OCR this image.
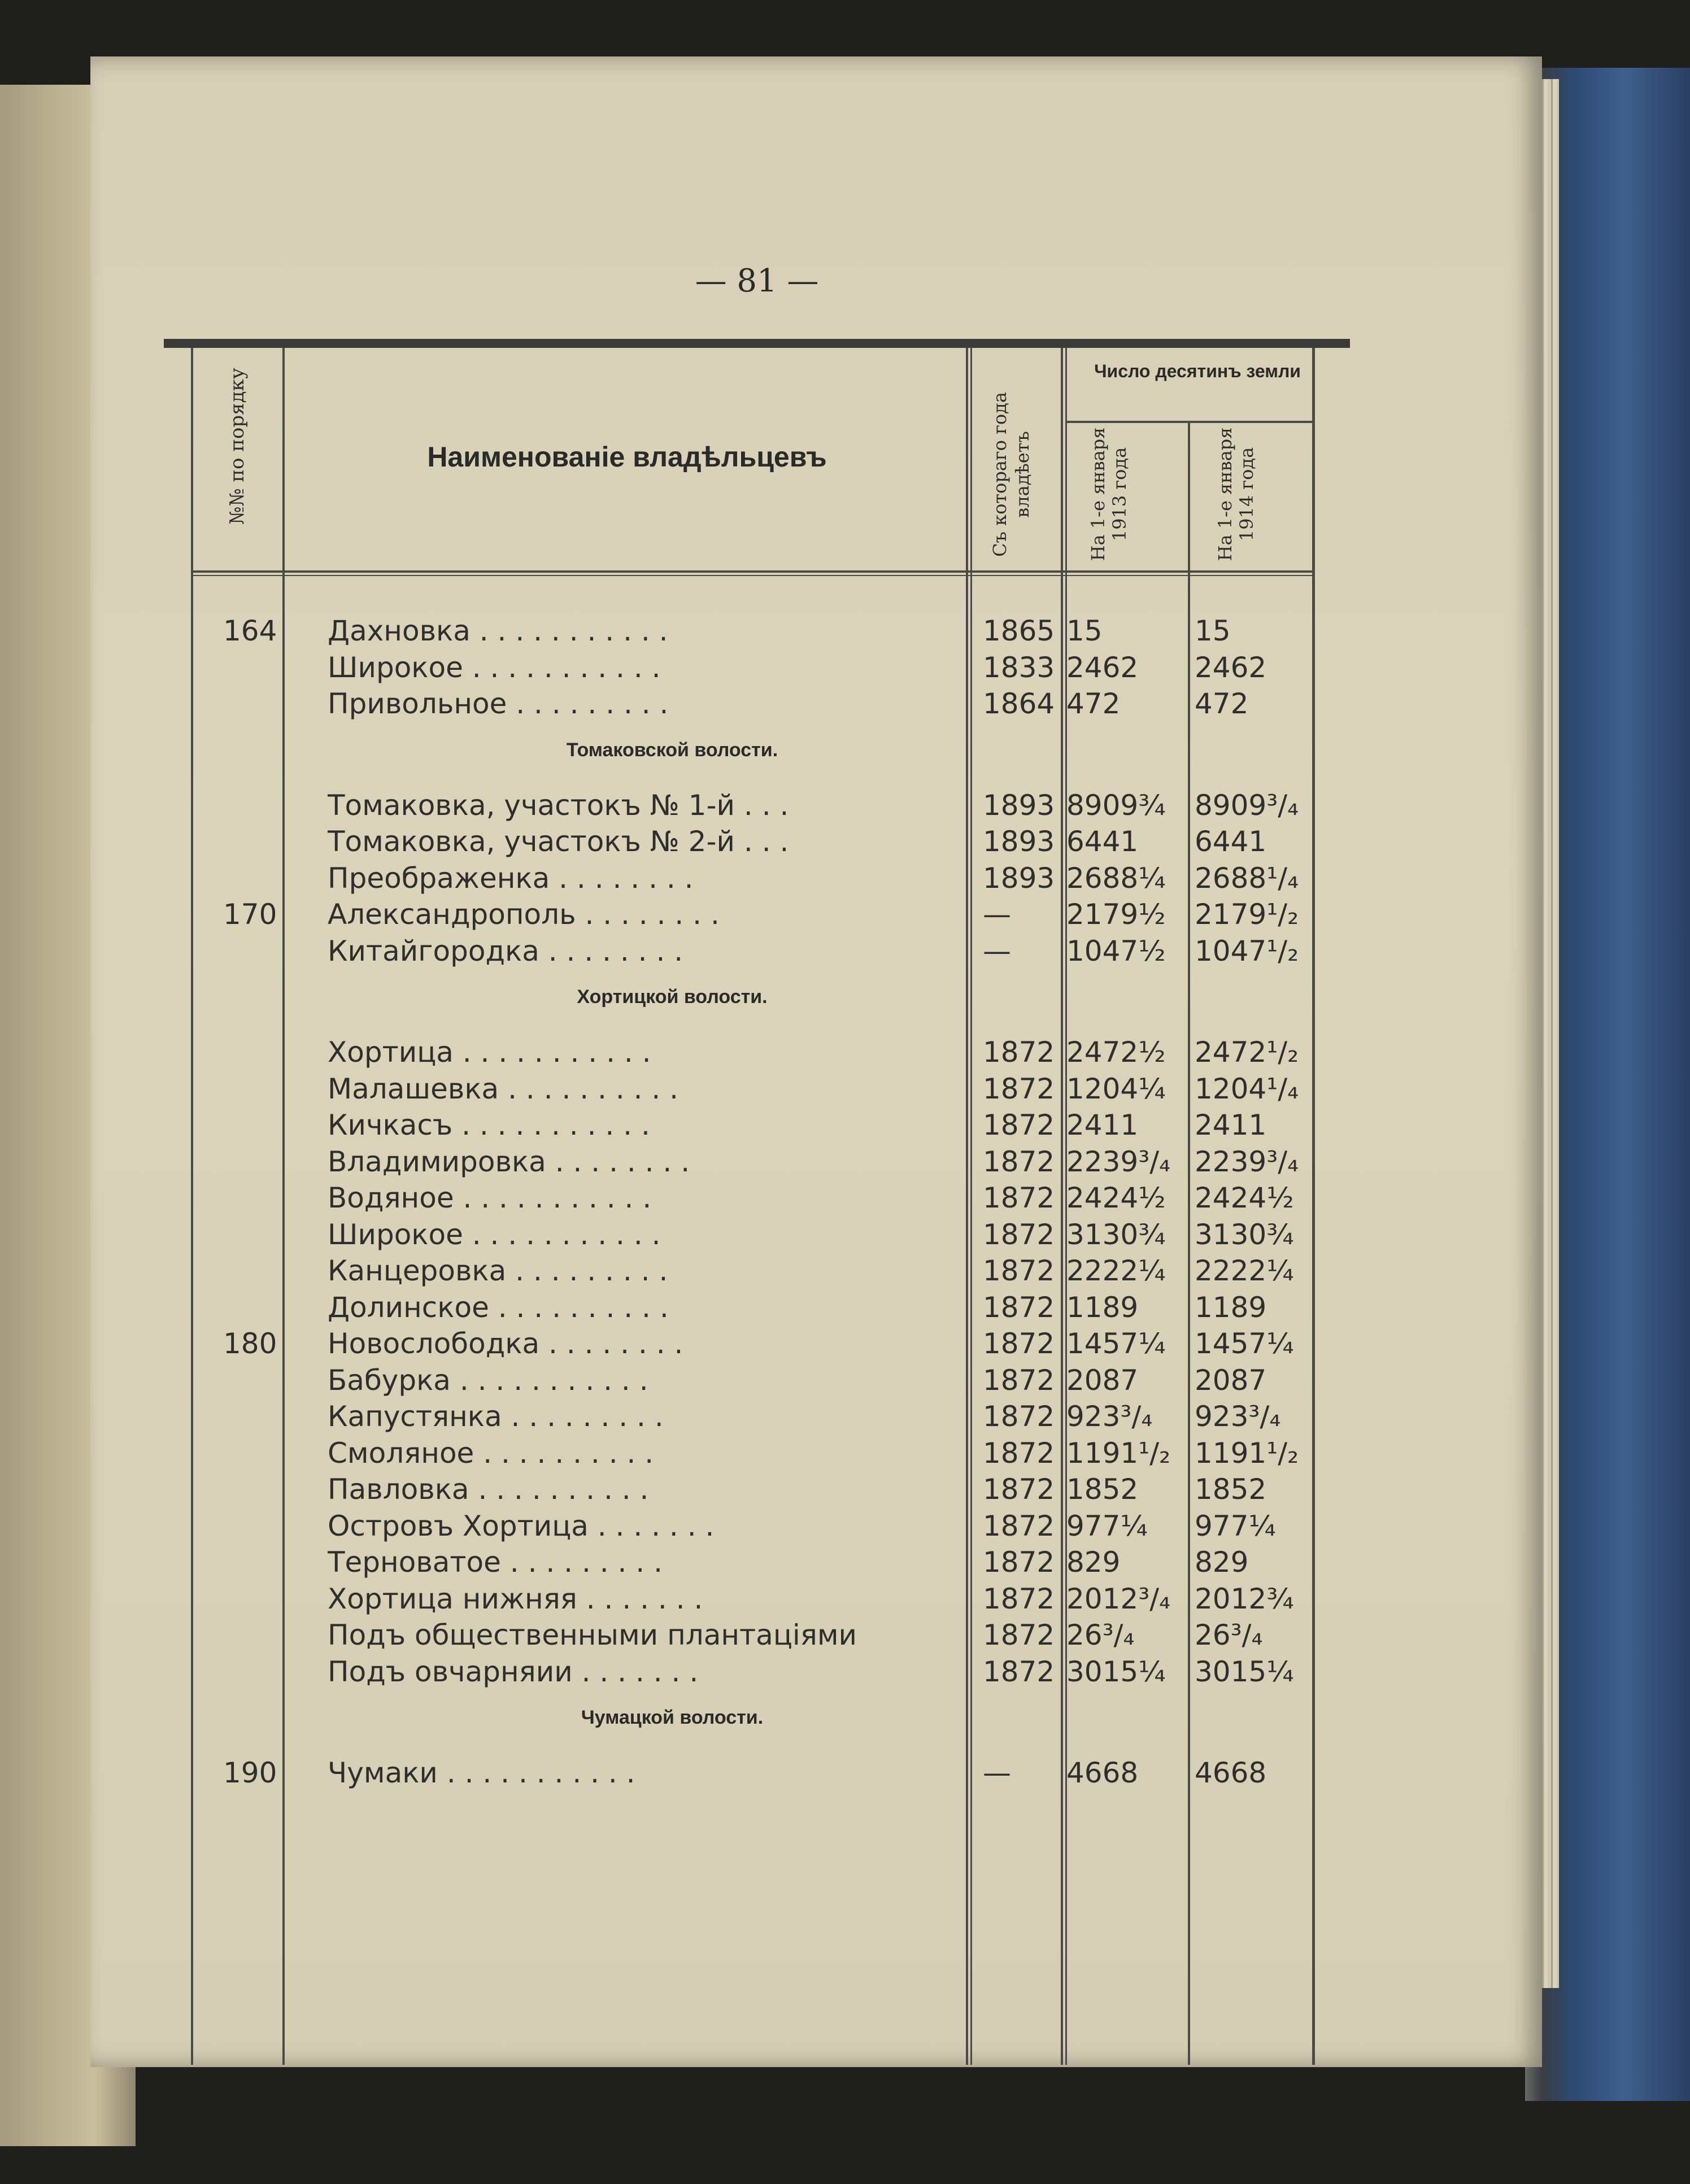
— 81 —
№№ по порядку	Наименованіе владѣльцевъ	Съ котораго года владѣетъ
Число десятинъ земли
На 1-е января 1913 года	На 1-е января 1914 года
164 Дахновка . . . . . . . . . . .	1865 15	15
Широкое . . . . . . . . . . .	1833 2462 2462
Привольное . . . . . . . . .	1864 472	472
Томаковской волости.
Томаковка, участокъ № 1-й . . .	1893 8909¾ 8909³/₄
Томаковка, участокъ № 2-й . . .	1893 6441 6441
Преображенка . . . . . . . .	1893 2688¼ 2688¹/₄
170 Александрополь . . . . . . . .	— 2179½ 2179¹/₂
Китайгородка . . . . . . . .	— 1047½ 1047¹/₂
Хортицкой волости.
Хортица . . . . . . . . . . .	1872 2472½ 2472¹/₂
Малашевка . . . . . . . . . .	1872 1204¼ 1204¹/₄
Кичкасъ . . . . . . . . . . .	1872 2411 2411
Владимировка . . . . . . . .	1872 2239³/₄ 2239³/₄
Водяное . . . . . . . . . . .	1872 2424½ 2424½
Широкое . . . . . . . . . . .	1872 3130¾ 3130¾
Канцеровка . . . . . . . . .	1872 2222¼ 2222¼
Долинское . . . . . . . . . .	1872 1189 1189
180 Новослободка . . . . . . . .	1872 1457¼ 1457¼
Бабурка . . . . . . . . . . .	1872 2087 2087
Капустянка . . . . . . . . .	1872 923³/₄ 923³/₄
Смоляное . . . . . . . . . .	1872 1191¹/₂ 1191¹/₂
Павловка . . . . . . . . . .	1872 1852 1852
Островъ Хортица . . . . . . .	1872 977¼ 977¼
Терноватое . . . . . . . . .	1872 829	829
Хортица нижняя . . . . . . .	1872 2012³/₄ 2012¾
Подъ общественными плантаціями	1872 26³/₄ 26³/₄
Подъ овчарняии . . . . . . .	1872 3015¼ 3015¼
Чумацкой волости.
190 Чумаки . . . . . . . . . . .	— 4668 4668
